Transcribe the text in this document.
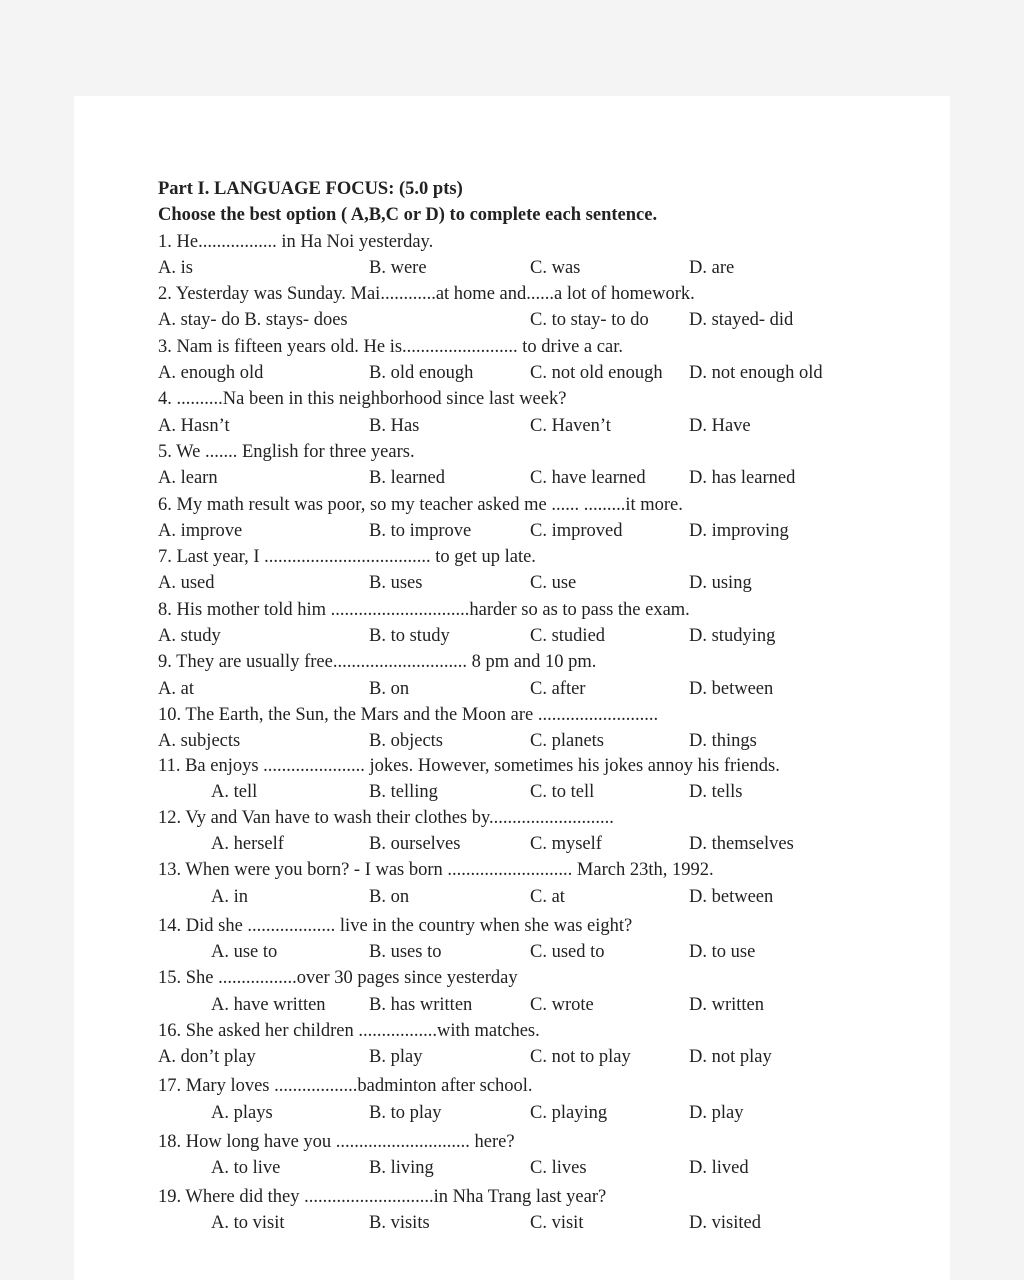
Part I. LANGUAGE FOCUS: (5.0 pts)
Choose the best option ( A,B,C or D) to complete each sentence.
1. He................. in Ha Noi yesterday.
A. is	B. were	C. was	D. are
2. Yesterday was Sunday. Mai............at home and......a lot of homework.
A. stay- do B. stays- does	C. to stay- to do D. stayed- did
3. Nam is fifteen years old. He is......................... to drive a car.
A. enough old	B. old enough	C. not old enough D. not enough old
4. ..........Na been in this neighborhood since last week?
A. Hasn’t	B. Has	C. Haven’t	D. Have
5. We ....... English for three years.
A. learn	B. learned	C. have learned D. has learned
6. My math result was poor, so my teacher asked me ...... .........it more.
A. improve	B. to improve	C. improved	D. improving
7. Last year, I .................................... to get up late.
A. used	B. uses	C. use	D. using
8. His mother told him ..............................harder so as to pass the exam.
A. study	B. to study	C. studied	D. studying
9. They are usually free............................. 8 pm and 10 pm.
A. at	B. on	C. after	D. between
10. The Earth, the Sun, the Mars and the Moon are ..........................
A. subjects	B. objects	C. planets	D. things
11. Ba enjoys ...................... jokes. However, sometimes his jokes annoy his friends.
A. tell	B. telling	C. to tell	D. tells
12. Vy and Van have to wash their clothes by...........................
A. herself	B. ourselves	C. myself	D. themselves
13. When were you born? - I was born ........................... March 23th, 1992.
A. in	B. on	C. at	D. between
14. Did she ................... live in the country when she was eight?
A. use to	B. uses to	C. used to	D. to use
15. She .................over 30 pages since yesterday
A. have written B. has written	C. wrote	D. written
16. She asked her children .................with matches.
A. don’t play	B. play	C. not to play	D. not play
17. Mary loves ..................badminton after school.
A. plays	B. to play	C. playing	D. play
18. How long have you ............................. here?
A. to live	B. living	C. lives	D. lived
19. Where did they ............................in Nha Trang last year?
A. to visit	B. visits	C. visit	D. visited
